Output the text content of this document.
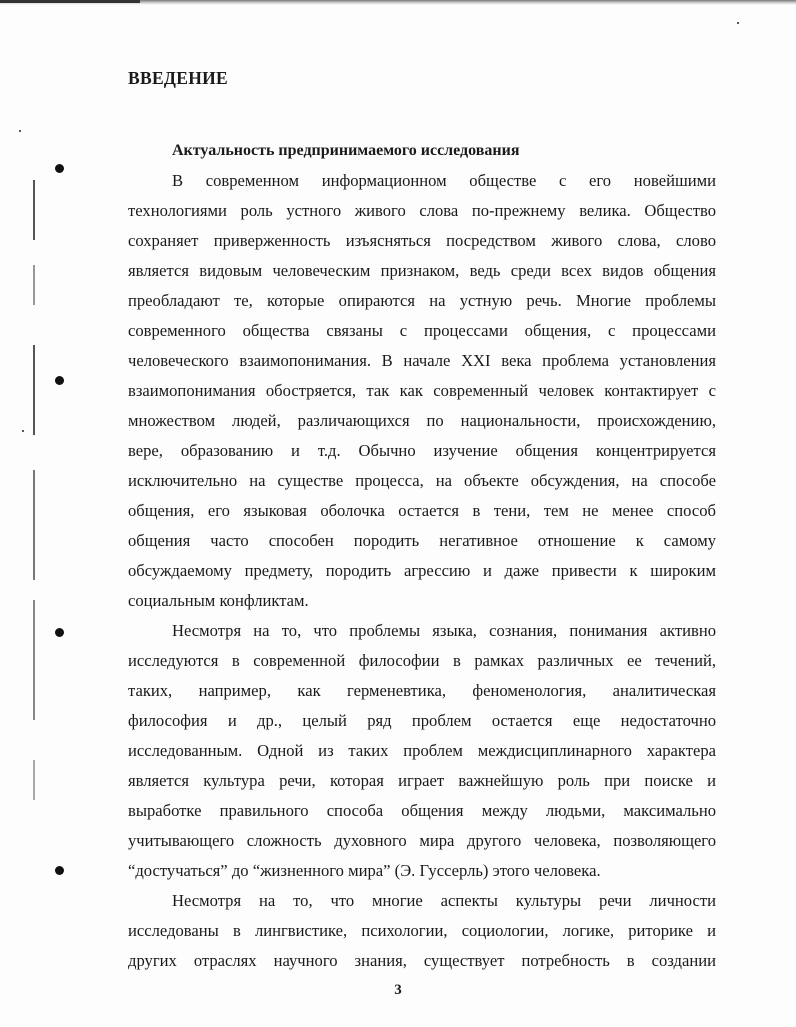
ВВЕДЕНИЕ
Актуальность предпринимаемого исследования

В современном информационном обществе с его новейшими

технологиями роль устного живого слова по-прежнему велика. Общество

сохраняет приверженность изъясняться посредством живого слова, слово

является видовым человеческим признаком, ведь среди всех видов общения

преобладают те, которые опираются на устную речь. Многие проблемы

современного общества связаны с процессами общения, с процессами

человеческого взаимопонимания. В начале XXI века проблема установления

взаимопонимания обостряется, так как современный человек контактирует с

множеством людей, различающихся по национальности, происхождению,

вере, образованию и т.д. Обычно изучение общения концентрируется

исключительно на существе процесса, на объекте обсуждения, на способе

общения, его языковая оболочка остается в тени, тем не менее способ

общения часто способен породить негативное отношение к самому

обсуждаемому предмету, породить агрессию и даже привести к широким

социальным конфликтам.

Несмотря на то, что проблемы языка, сознания, понимания активно

исследуются в современной философии в рамках различных ее течений,

таких, например, как герменевтика, феноменология, аналитическая

философия и др., целый ряд проблем остается еще недостаточно

исследованным. Одной из таких проблем междисциплинарного характера

является культура речи, которая играет важнейшую роль при поиске и

выработке правильного способа общения между людьми, максимально

учитывающего сложность духовного мира другого человека, позволяющего

“достучаться” до “жизненного мира” (Э. Гуссерль) этого человека.

Несмотря на то, что многие аспекты культуры речи личности

исследованы в лингвистике, психологии, социологии, логике, риторике и

других отраслях научного знания, существует потребность в создании

3
